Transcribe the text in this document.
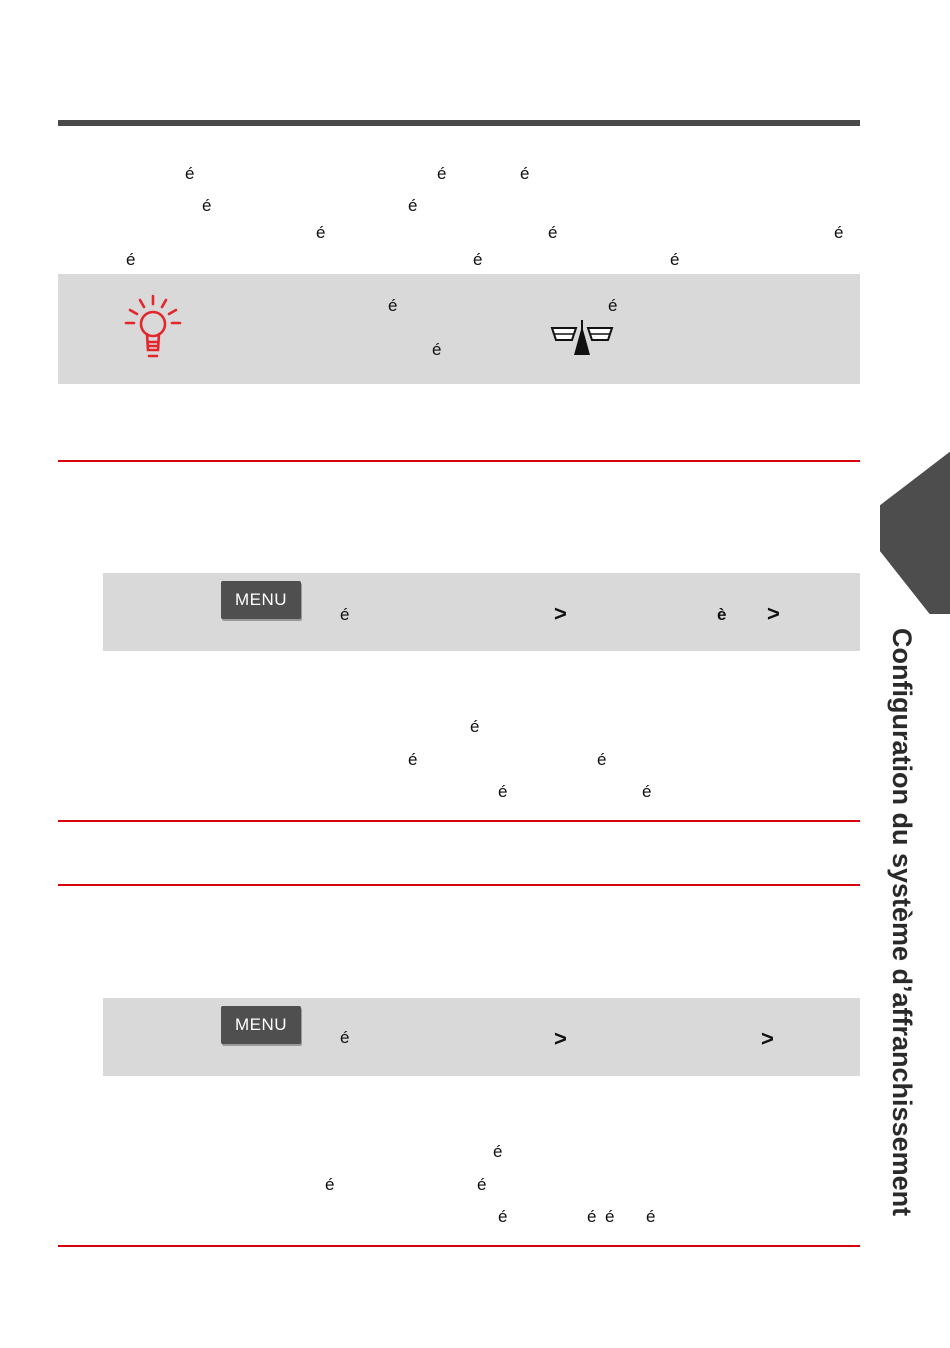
é	é	é
é	é
é	é	é
é	é	é
é	é
é
MENU
é	>	è >
é
é	é
é	é
MENU
é	>	>
é
é	é
é	é é é
Configuration du système d’affranchissement
